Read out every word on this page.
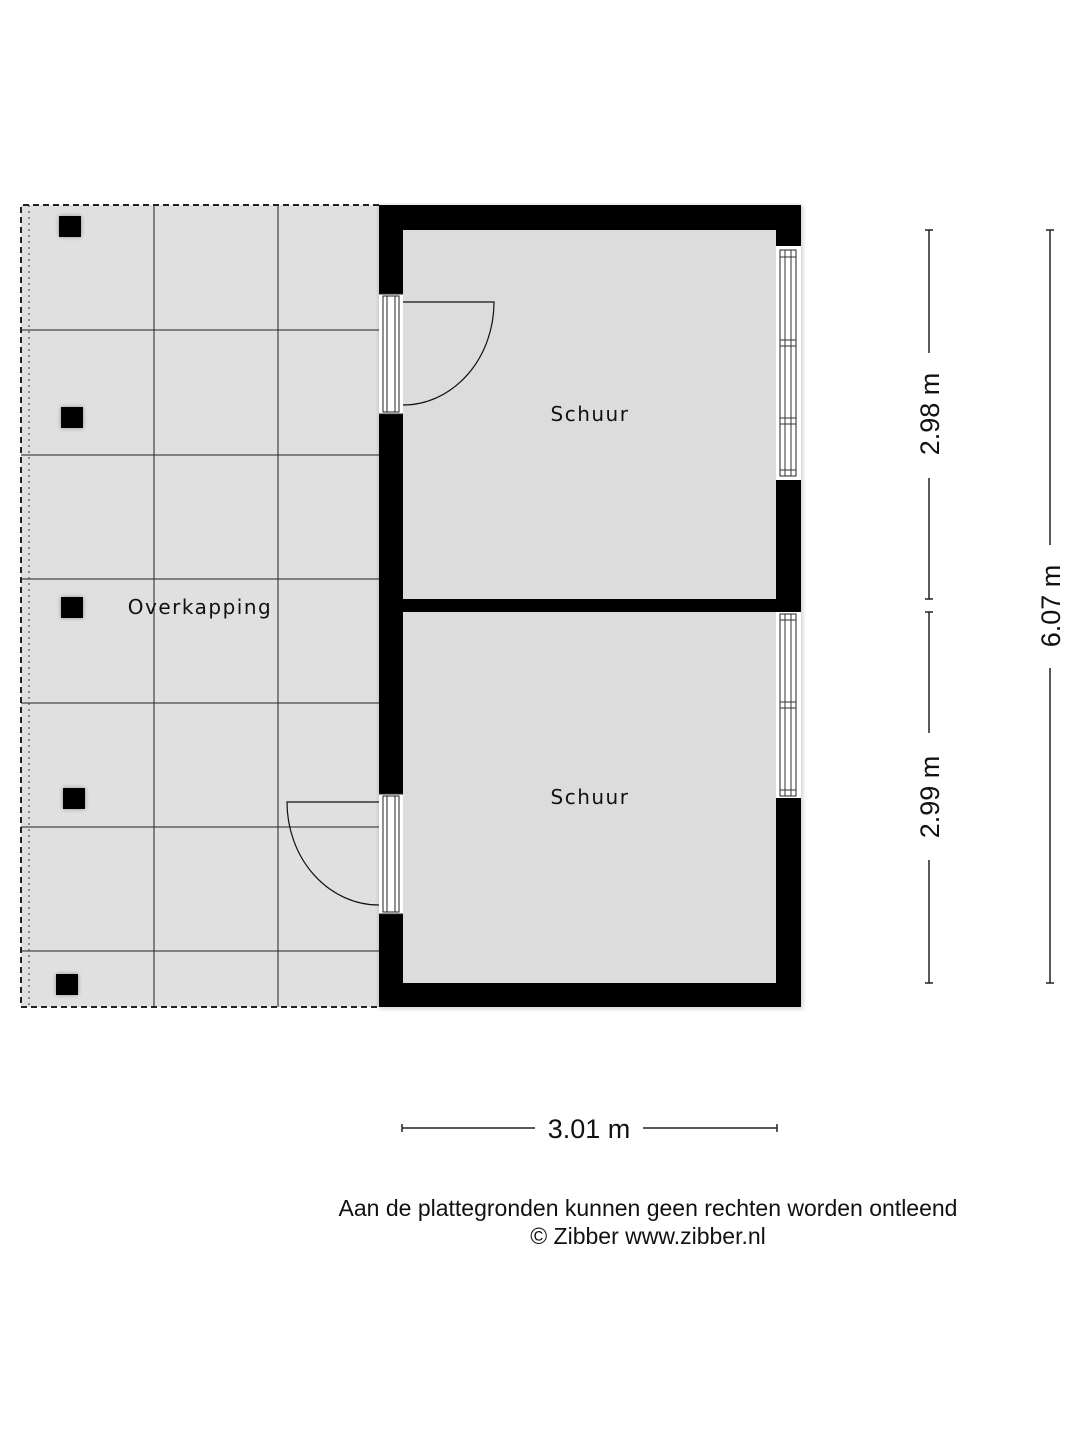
Schuur
Schuur
Overkapping
2.98 m
2.99 m
6.07 m
3.01 m
Aan de plattegronden kunnen geen rechten worden ontleend
© Zibber www.zibber.nl
